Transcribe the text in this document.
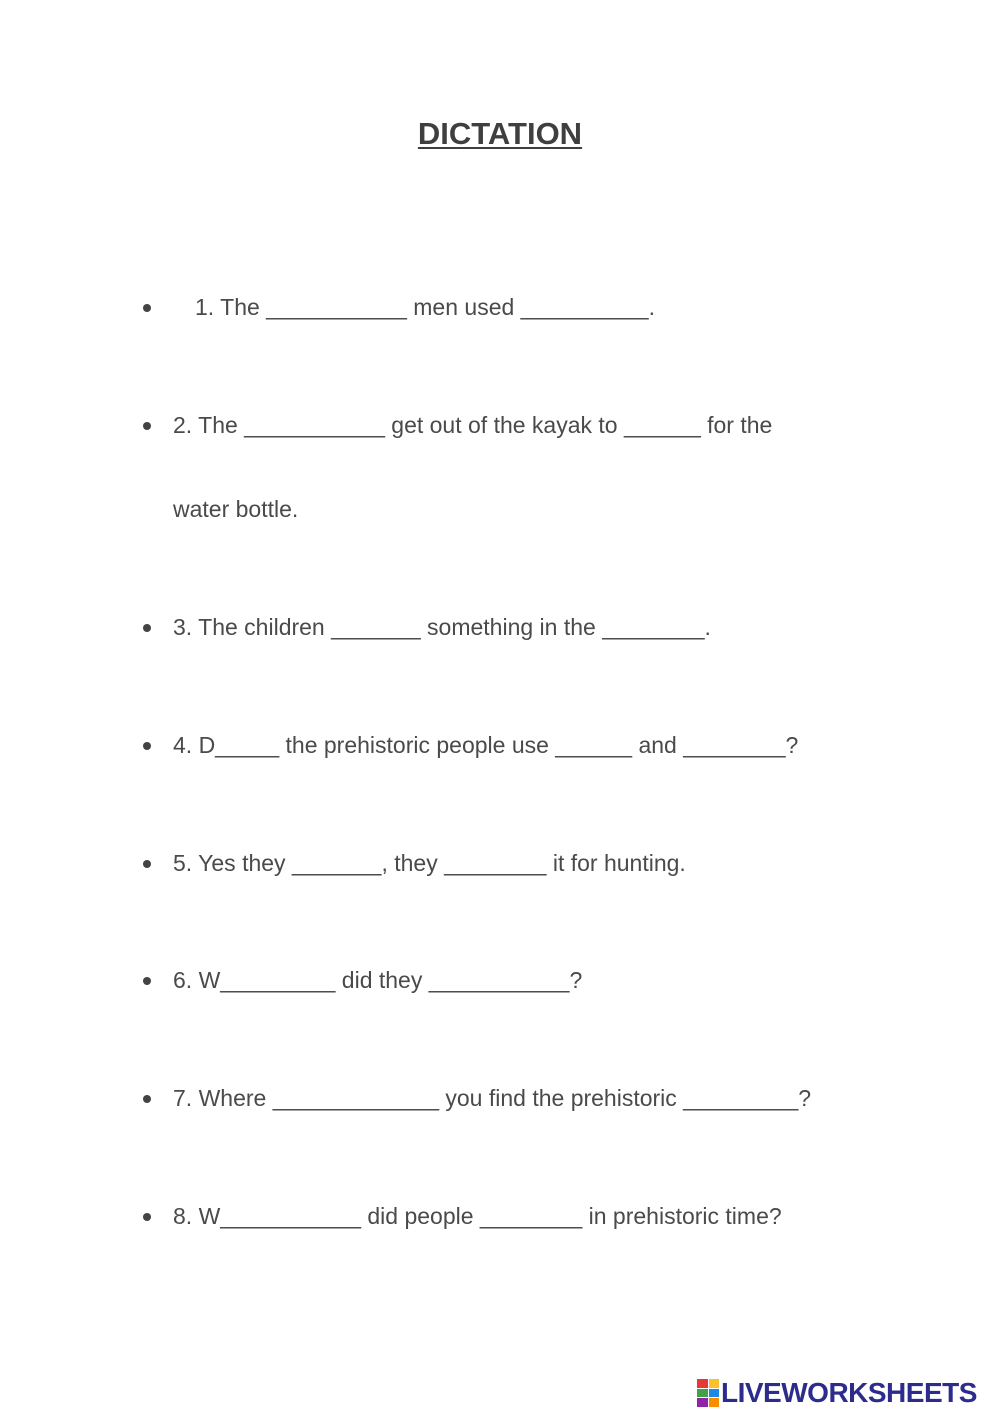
DICTATION
1. The ___________ men used __________.
2. The ___________ get out of the kayak to ______ for the
water bottle.
3. The children _______ something in the ________.
4. D_____ the prehistoric people use ______ and ________?
5. Yes they _______, they ________ it for hunting.
6. W_________ did they ___________?
7. Where _____________ you find the prehistoric _________?
8. W___________ did people ________ in prehistoric time?
LIVEWORKSHEETS
